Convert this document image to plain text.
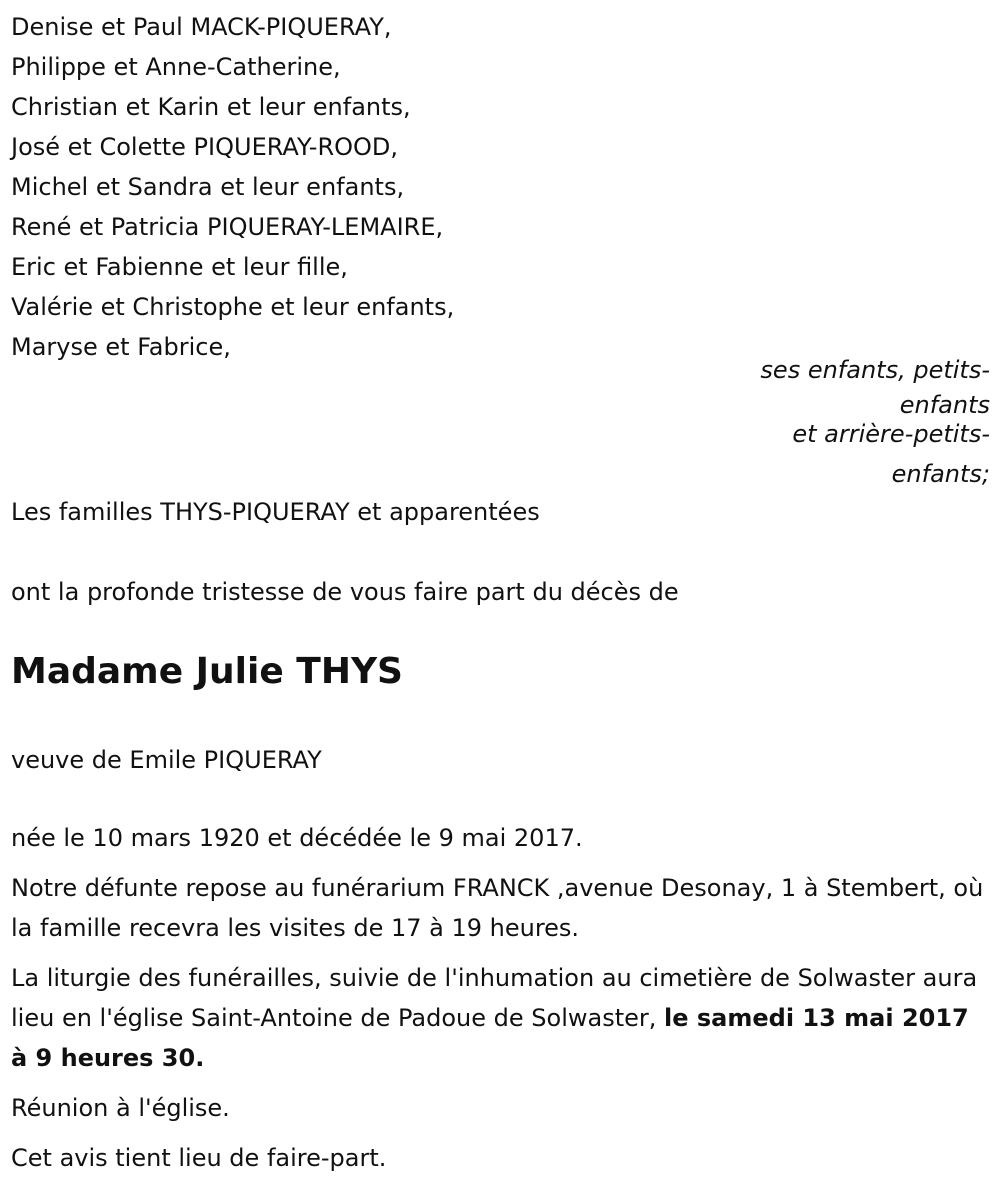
Denise et Paul MACK-PIQUERAY,
Philippe et Anne-Catherine,
Christian et Karin et leur enfants,
José et Colette PIQUERAY-ROOD,
Michel et Sandra et leur enfants,
René et Patricia PIQUERAY-LEMAIRE,
Eric et Fabienne et leur fille,
Valérie et Christophe et leur enfants,
Maryse et Fabrice,
ses enfants, petits-
enfants
et arrière-petits-
enfants;

Les familles THYS-PIQUERAY et apparentées

ont la profonde tristesse de vous faire part du décès de

Madame Julie THYS

veuve de Emile PIQUERAY

née le 10 mars 1920 et décédée le 9 mai 2017.

Notre défunte repose au funérarium FRANCK ,avenue Desonay, 1 à Stembert, où la famille recevra les visites de 17 à 19 heures.

La liturgie des funérailles, suivie de l'inhumation au cimetière de Solwaster aura lieu en l'église Saint-Antoine de Padoue de Solwaster, le samedi 13 mai 2017 à 9 heures 30.

Réunion à l'église.

Cet avis tient lieu de faire-part.
